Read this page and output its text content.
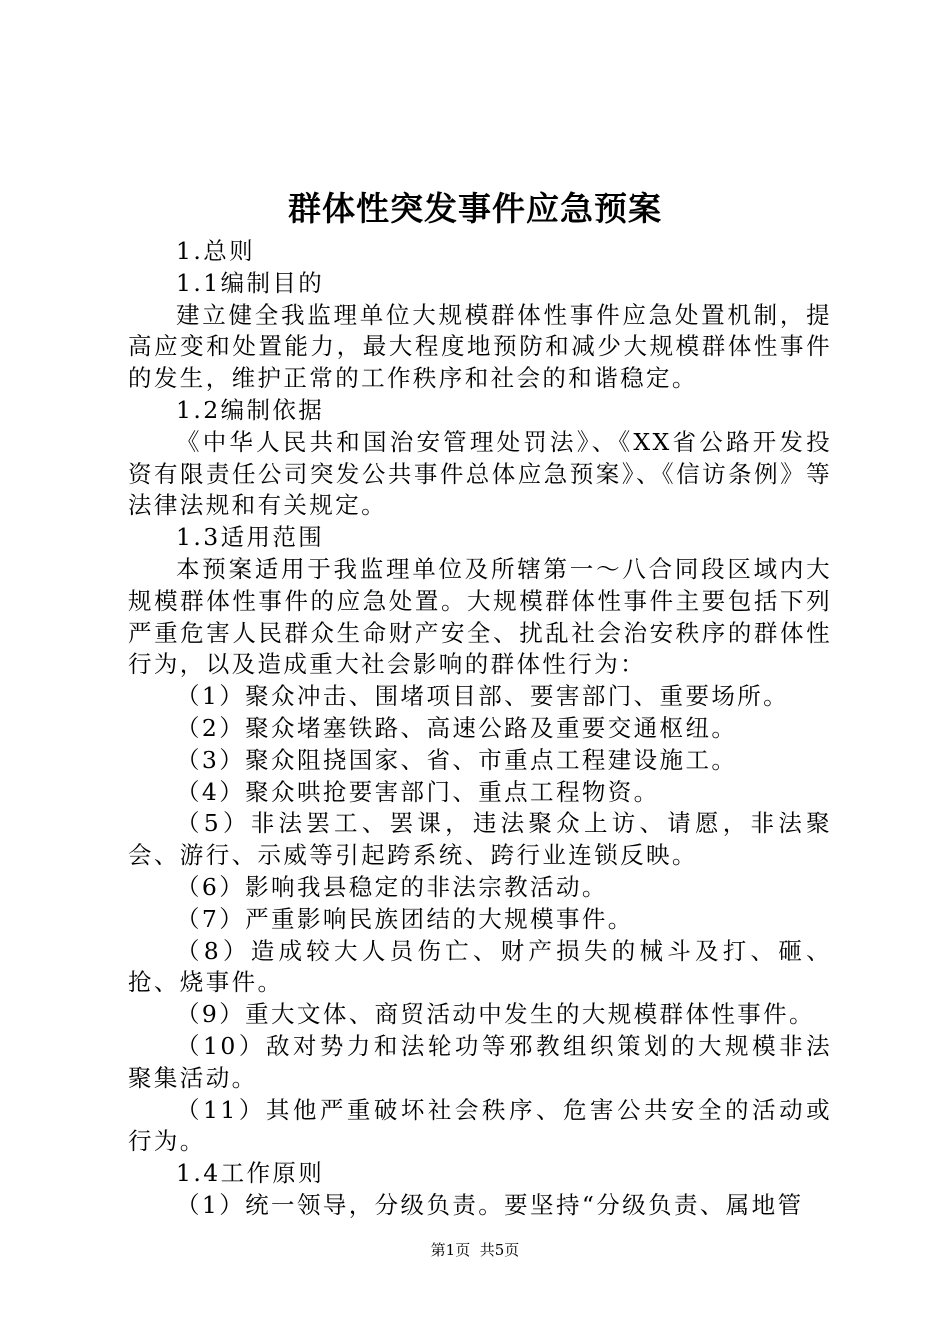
群体性突发事件应急预案

1.总则

1.1编制目的

建立健全我监理单位大规模群体性事件应急处置机制，提高应变和处置能力，最大程度地预防和减少大规模群体性事件的发生，维护正常的工作秩序和社会的和谐稳定。

1.2编制依据

《中华人民共和国治安管理处罚法》、《XX省公路开发投资有限责任公司突发公共事件总体应急预案》、《信访条例》等法律法规和有关规定。

1.3适用范围

本预案适用于我监理单位及所辖第一～八合同段区域内大规模群体性事件的应急处置。大规模群体性事件主要包括下列严重危害人民群众生命财产安全、扰乱社会治安秩序的群体性行为，以及造成重大社会影响的群体性行为：

（1）聚众冲击、围堵项目部、要害部门、重要场所。

（2）聚众堵塞铁路、高速公路及重要交通枢纽。

（3）聚众阻挠国家、省、市重点工程建设施工。

（4）聚众哄抢要害部门、重点工程物资。

（5）非法罢工、罢课，违法聚众上访、请愿，非法聚会、游行、示威等引起跨系统、跨行业连锁反映。

（6）影响我县稳定的非法宗教活动。

（7）严重影响民族团结的大规模事件。

（8）造成较大人员伤亡、财产损失的械斗及打、砸、抢、烧事件。

（9）重大文体、商贸活动中发生的大规模群体性事件。

（10）敌对势力和法轮功等邪教组织策划的大规模非法聚集活动。

（11）其他严重破坏社会秩序、危害公共安全的活动或行为。

1.4工作原则

（1）统一领导，分级负责。要坚持“分级负责、属地管

第1页 共5页
